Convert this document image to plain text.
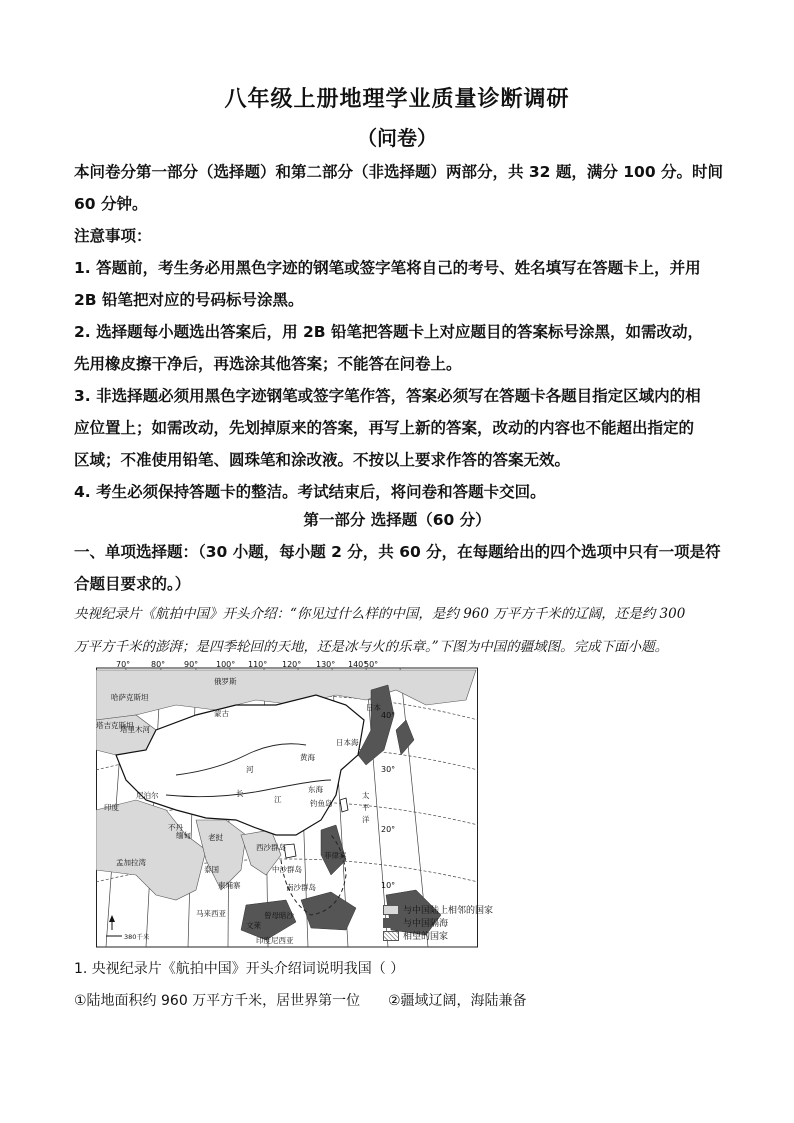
八年级上册地理学业质量诊断调研
（问卷）
本问卷分第一部分（选择题）和第二部分（非选择题）两部分，共 32 题，满分 100 分。时间
60 分钟。
注意事项：
1. 答题前，考生务必用黑色字迹的钢笔或签字笔将自己的考号、姓名填写在答题卡上，并用
2B 铅笔把对应的号码标号涂黑。
2. 选择题每小题选出答案后，用 2B 铅笔把答题卡上对应题目的答案标号涂黑，如需改动，
先用橡皮擦干净后，再选涂其他答案；不能答在问卷上。
3. 非选择题必须用黑色字迹钢笔或签字笔作答，答案必须写在答题卡各题目指定区域内的相
应位置上；如需改动，先划掉原来的答案，再写上新的答案，改动的内容也不能超出指定的
区域；不准使用铅笔、圆珠笔和涂改液。不按以上要求作答的答案无效。
4. 考生必须保持答题卡的整洁。考试结束后，将问卷和答题卡交回。
第一部分 选择题（60 分）
一、单项选择题：（30 小题，每小题 2 分，共 60 分，在每题给出的四个选项中只有一项是符
合题目要求的。）
央视纪录片《航拍中国》开头介绍：“你见过什么样的中国，是约 960 万平方千米的辽阔，还是约 300
万平方千米的澎湃；是四季轮回的天地，还是冰与火的乐章。”下图为中国的疆域图。完成下面小题。
70°	80° 90° 100° 110° 120° 130° 140°
50°
40°
30°
20°
10°
俄罗斯
哈萨克斯坦
塔吉克斯坦
蒙古
塔里木河
日本海
日本
黄海
河
长
江
东海
钓鱼岛
太
平
洋
印度
不丹
尼泊尔
缅甸 老挝
孟加拉湾
泰国
柬埔寨
西沙群岛
中沙群岛
菲律宾
南沙群岛
马来西亚
文莱
曾母暗沙
印度尼西亚
380千米
与中国陆上相邻的国家
与中国隔海
相望的国家
1. 央视纪录片《航拍中国》开头介绍词说明我国（ ）
①陆地面积约 960 万平方千米，居世界第一位 ②疆域辽阔，海陆兼备
